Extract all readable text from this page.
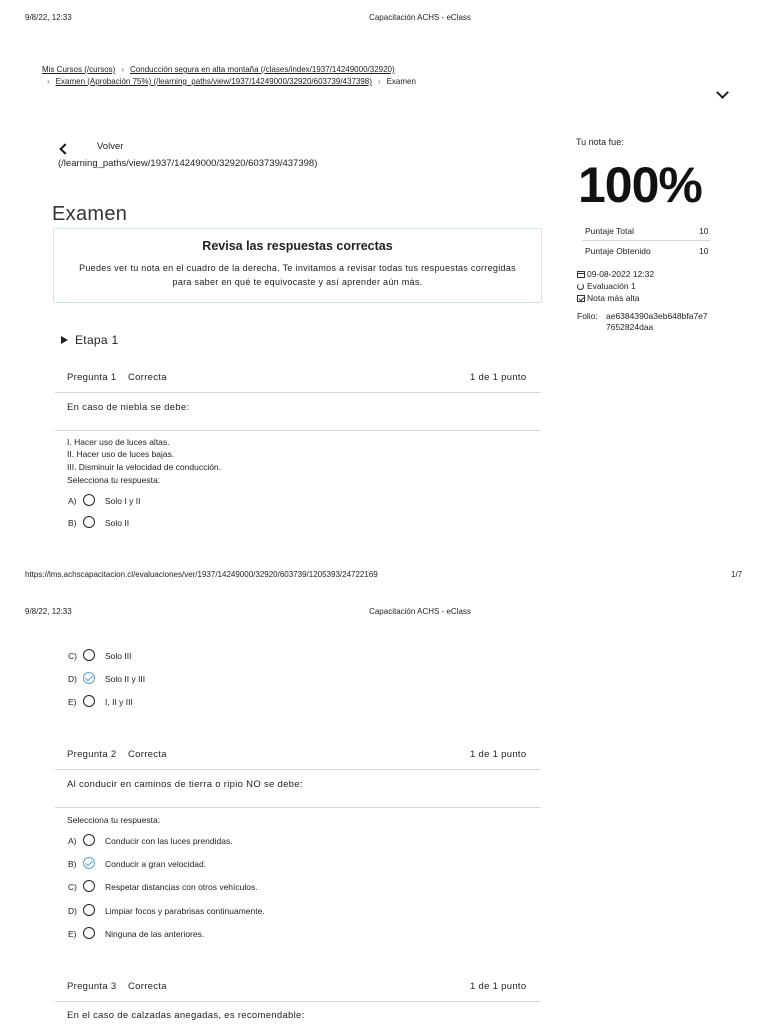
9/8/22, 12:33	Capacitación ACHS - eClass
Mis Cursos (/cursos) › Conducción segura en alta montaña (/clases/index/1937/14249000/32920)
› Examen (Aprobación 75%) (/learning_paths/view/1937/14249000/32920/603739/437398) › Examen
Volver
(/learning_paths/view/1937/14249000/32920/603739/437398)
Examen
Revisa las respuestas correctas

Puedes ver tu nota en el cuadro de la derecha. Te invitamos a revisar todas tus respuestas corregidas

para saber en qué te equivocaste y así aprender aún más.

Tu nota fue:
100%
Puntaje Total	10
Puntaje Obtenido	10
09-08-2022 12:32
Evaluación 1
Nota más alta
Folio: ae6384390a3eb648bfa7e7
7652824daa
Etapa 1
Pregunta 1 Correcta	1 de 1 punto
En caso de niebla se debe:
I. Hacer uso de luces altas.
II. Hacer uso de luces bajas.
III. Disminuir la velocidad de conducción.
Selecciona tu respuesta:
A)	Solo I y II
B)	Solo II
https://lms.achscapacitacion.cl/evaluaciones/ver/1937/14249000/32920/603739/1205393/24722169	1/7
9/8/22, 12:33	Capacitación ACHS - eClass
C)	Solo III
D)	Solo II y III
E)	I, II y III
Pregunta 2 Correcta	1 de 1 punto
Al conducir en caminos de tierra o ripio NO se debe:
Selecciona tu respuesta:
A)	Conducir con las luces prendidas.
B)	Conducir a gran velocidad.
C)	Respetar distancias con otros vehículos.
D)	Limpiar focos y parabrisas continuamente.
E)	Ninguna de las anteriores.
Pregunta 3 Correcta	1 de 1 punto
En el caso de calzadas anegadas, es recomendable:
